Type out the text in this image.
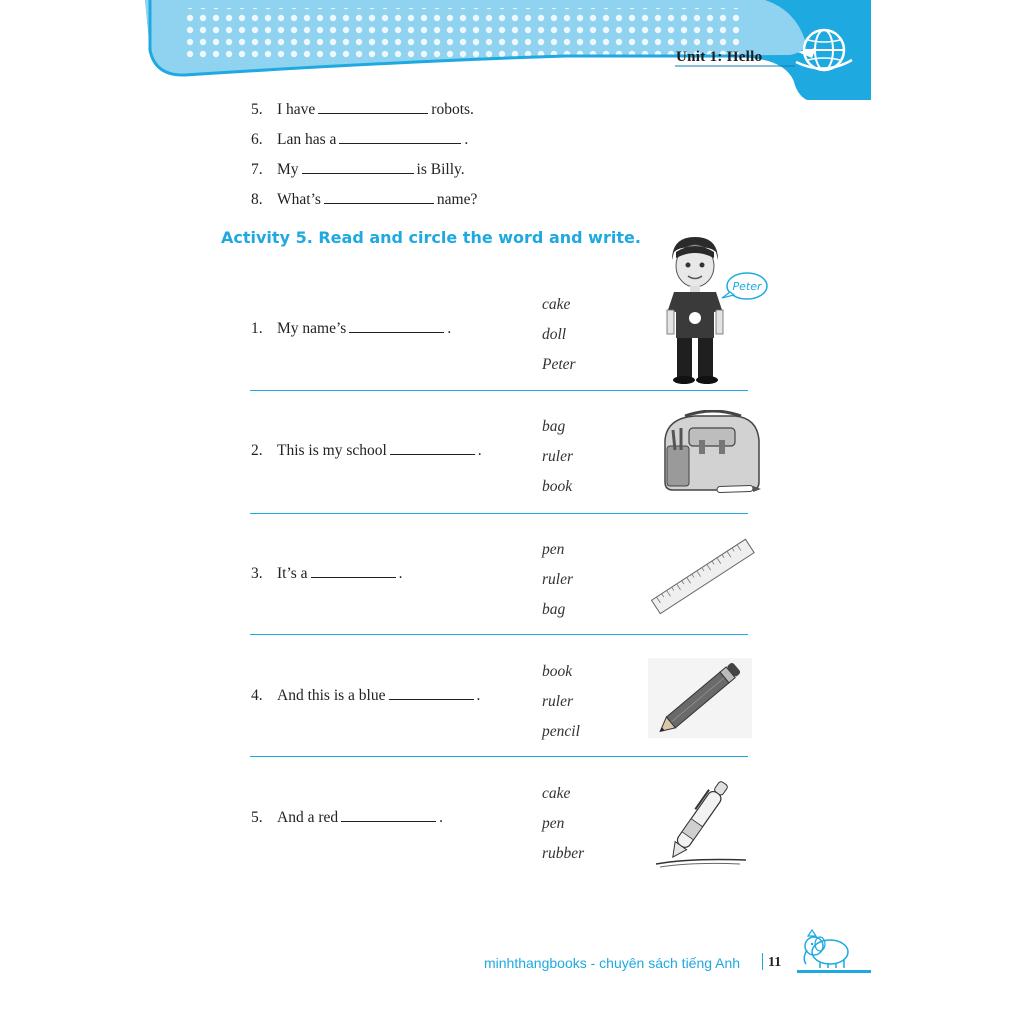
Unit 1: Hello
5. I have	robots.
6. Lan has a	.
7. My	is Billy.
8. What’s	name?
Activity 5. Read and circle the word and write.
1. My name’s	.
cake
doll
Peter
Peter
2. This is my school	.
bag
ruler
book
3. It’s a	.
pen
ruler
bag
4. And this is a blue	.
book
ruler
pencil
5. And a red	.
cake
pen
rubber
minhthangbooks - chuyên sách tiếng Anh 11
